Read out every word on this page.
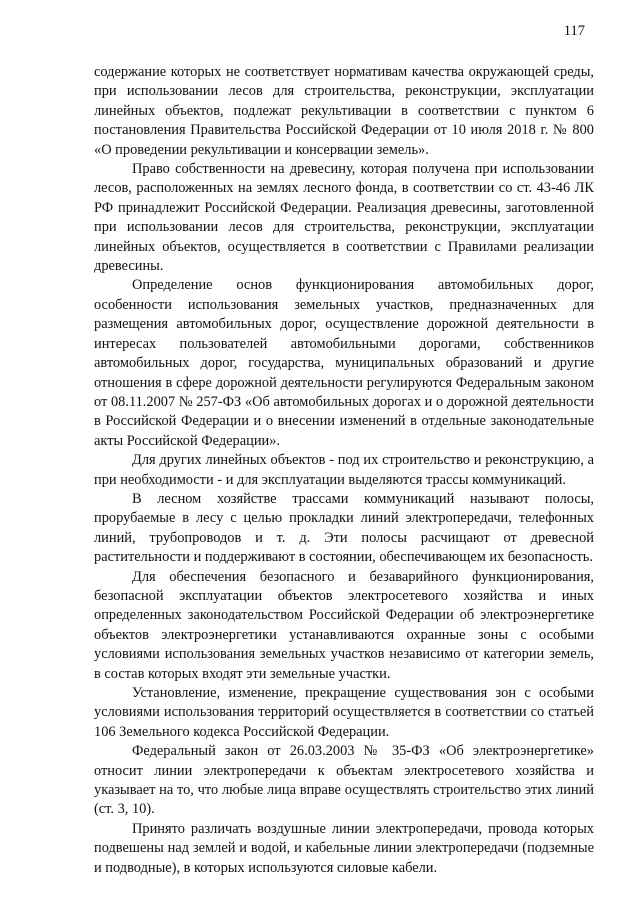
117

содержание которых не соответствует нормативам качества окружающей среды, при использовании лесов для строительства, реконструкции, эксплуатации линейных объектов, подлежат рекультивации в соответствии с пунктом 6 постановления Правительства Российской Федерации от 10 июля 2018 г. № 800 «О проведении рекультивации и консервации земель».

Право собственности на древесину, которая получена при использовании лесов, расположенных на землях лесного фонда, в соответствии со ст. 43-46 ЛК РФ принадлежит Российской Федерации. Реализация древесины, заготовленной при использовании лесов для строительства, реконструкции, эксплуатации линейных объектов, осуществляется в соответствии с Правилами реализации древесины.

Определение основ функционирования автомобильных дорог, особенности использования земельных участков, предназначенных для размещения автомобильных дорог, осуществление дорожной деятельности в интересах пользователей автомобильными дорогами, собственников автомобильных дорог, государства, муниципальных образований и другие отношения в сфере дорожной деятельности регулируются Федеральным законом от 08.11.2007 № 257-ФЗ «Об автомобильных дорогах и о дорожной деятельности в Российской Федерации и о внесении изменений в отдельные законодательные акты Российской Федерации».

Для других линейных объектов - под их строительство и реконструкцию, а при необходимости - и для эксплуатации выделяются трассы коммуникаций.

В лесном хозяйстве трассами коммуникаций называют полосы, прорубаемые в лесу с целью прокладки линий электропередачи, телефонных линий, трубопроводов и т. д. Эти полосы расчищают от древесной растительности и поддерживают в состоянии, обеспечивающем их безопасность.

Для обеспечения безопасного и безаварийного функционирования, безопасной эксплуатации объектов электросетевого хозяйства и иных определенных законодательством Российской Федерации об электроэнергетике объектов электроэнергетики устанавливаются охранные зоны с особыми условиями использования земельных участков независимо от категории земель, в состав которых входят эти земельные участки.

Установление, изменение, прекращение существования зон с особыми условиями использования территорий осуществляется в соответствии со статьей 106 Земельного кодекса Российской Федерации.

Федеральный закон от 26.03.2003 № 35-ФЗ «Об электроэнергетике» относит линии электропередачи к объектам электросетевого хозяйства и указывает на то, что любые лица вправе осуществлять строительство этих линий (ст. 3, 10).

Принято различать воздушные линии электропередачи, провода которых подвешены над землей и водой, и кабельные линии электропередачи (подземные и подводные), в которых используются силовые кабели.
